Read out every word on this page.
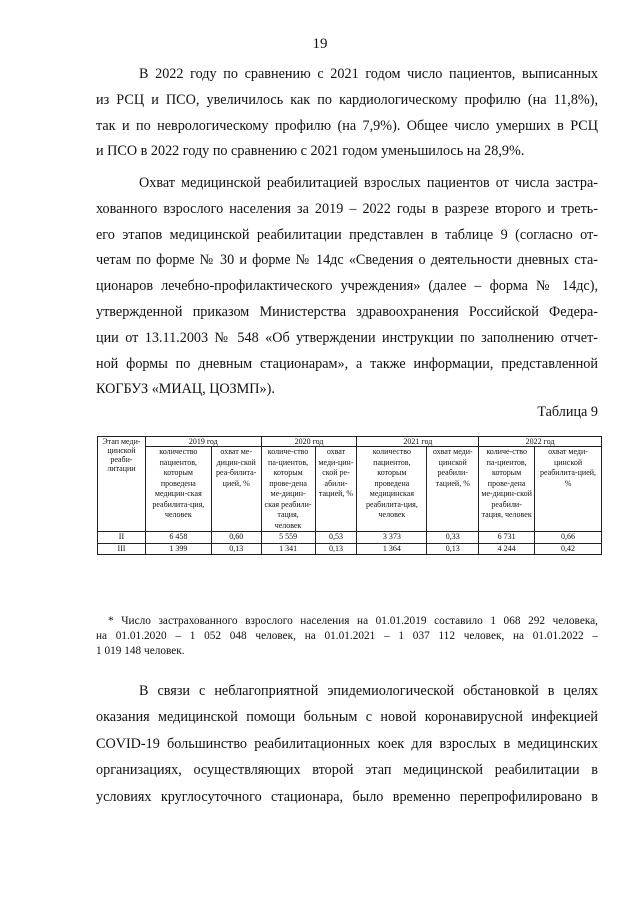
19
В 2022 году по сравнению с 2021 годом число пациентов, выписанных
из РСЦ и ПСО, увеличилось как по кардиологическому профилю (на 11,8%),
так и по неврологическому профилю (на 7,9%). Общее число умерших в РСЦ
и ПСО в 2022 году по сравнению с 2021 годом уменьшилось на 28,9%.
Охват медицинской реабилитацией взрослых пациентов от числа застра-
хованного взрослого населения за 2019 – 2022 годы в разрезе второго и треть-
его этапов медицинской реабилитации представлен в таблице 9 (согласно от-
четам по форме № 30 и форме № 14дс «Сведения о деятельности дневных ста-
ционаров лечебно-профилактического учреждения» (далее – форма № 14дс),
утвержденной приказом Министерства здравоохранения Российской Федера-
ции от 13.11.2003 № 548 «Об утверждении инструкции по заполнению отчет-
ной формы по дневным стационарам», а также информации, представленной
КОГБУЗ «МИАЦ, ЦОЗМП»).
Таблица 9
Этап меди-цинской реаби-литации	2019 год		2020 год		2021 год		2022 год	
	количество пациентов, которым проведена медицин-ская реабилита-ция, человек	охват ме-дицин-ской реа-билита-цией, %	количе-ство па-циентов, которым прове-дена ме-дицин-ская реабили-тация, человек	охват меди-цин-ской ре-абили-тацией, %	количество пациентов, которым проведена медицинская реабилита-ция, человек	охват меди-цинской реабили-тацией, %	количе-ство па-циентов, которым прове-дена ме-дицин-ской реабили-тация, человек	охват меди-цинской реабилита-цией, %
II	6 458	0,60	5 559	0,53	3 373	0,33	6 731	0,66
III	1 399	0,13	1 341	0,13	1 364	0,13	4 244	0,42
* Число застрахованного взрослого населения на 01.01.2019 составило 1 068 292 человека,
на 01.01.2020 – 1 052 048 человек, на 01.01.2021 – 1 037 112 человек, на 01.01.2022 –
1 019 148 человек.
В связи с неблагоприятной эпидемиологической обстановкой в целях
оказания медицинской помощи больным с новой коронавирусной инфекцией
COVID-19 большинство реабилитационных коек для взрослых в медицинских
организациях, осуществляющих второй этап медицинской реабилитации в
условиях круглосуточного стационара, было временно перепрофилировано в
